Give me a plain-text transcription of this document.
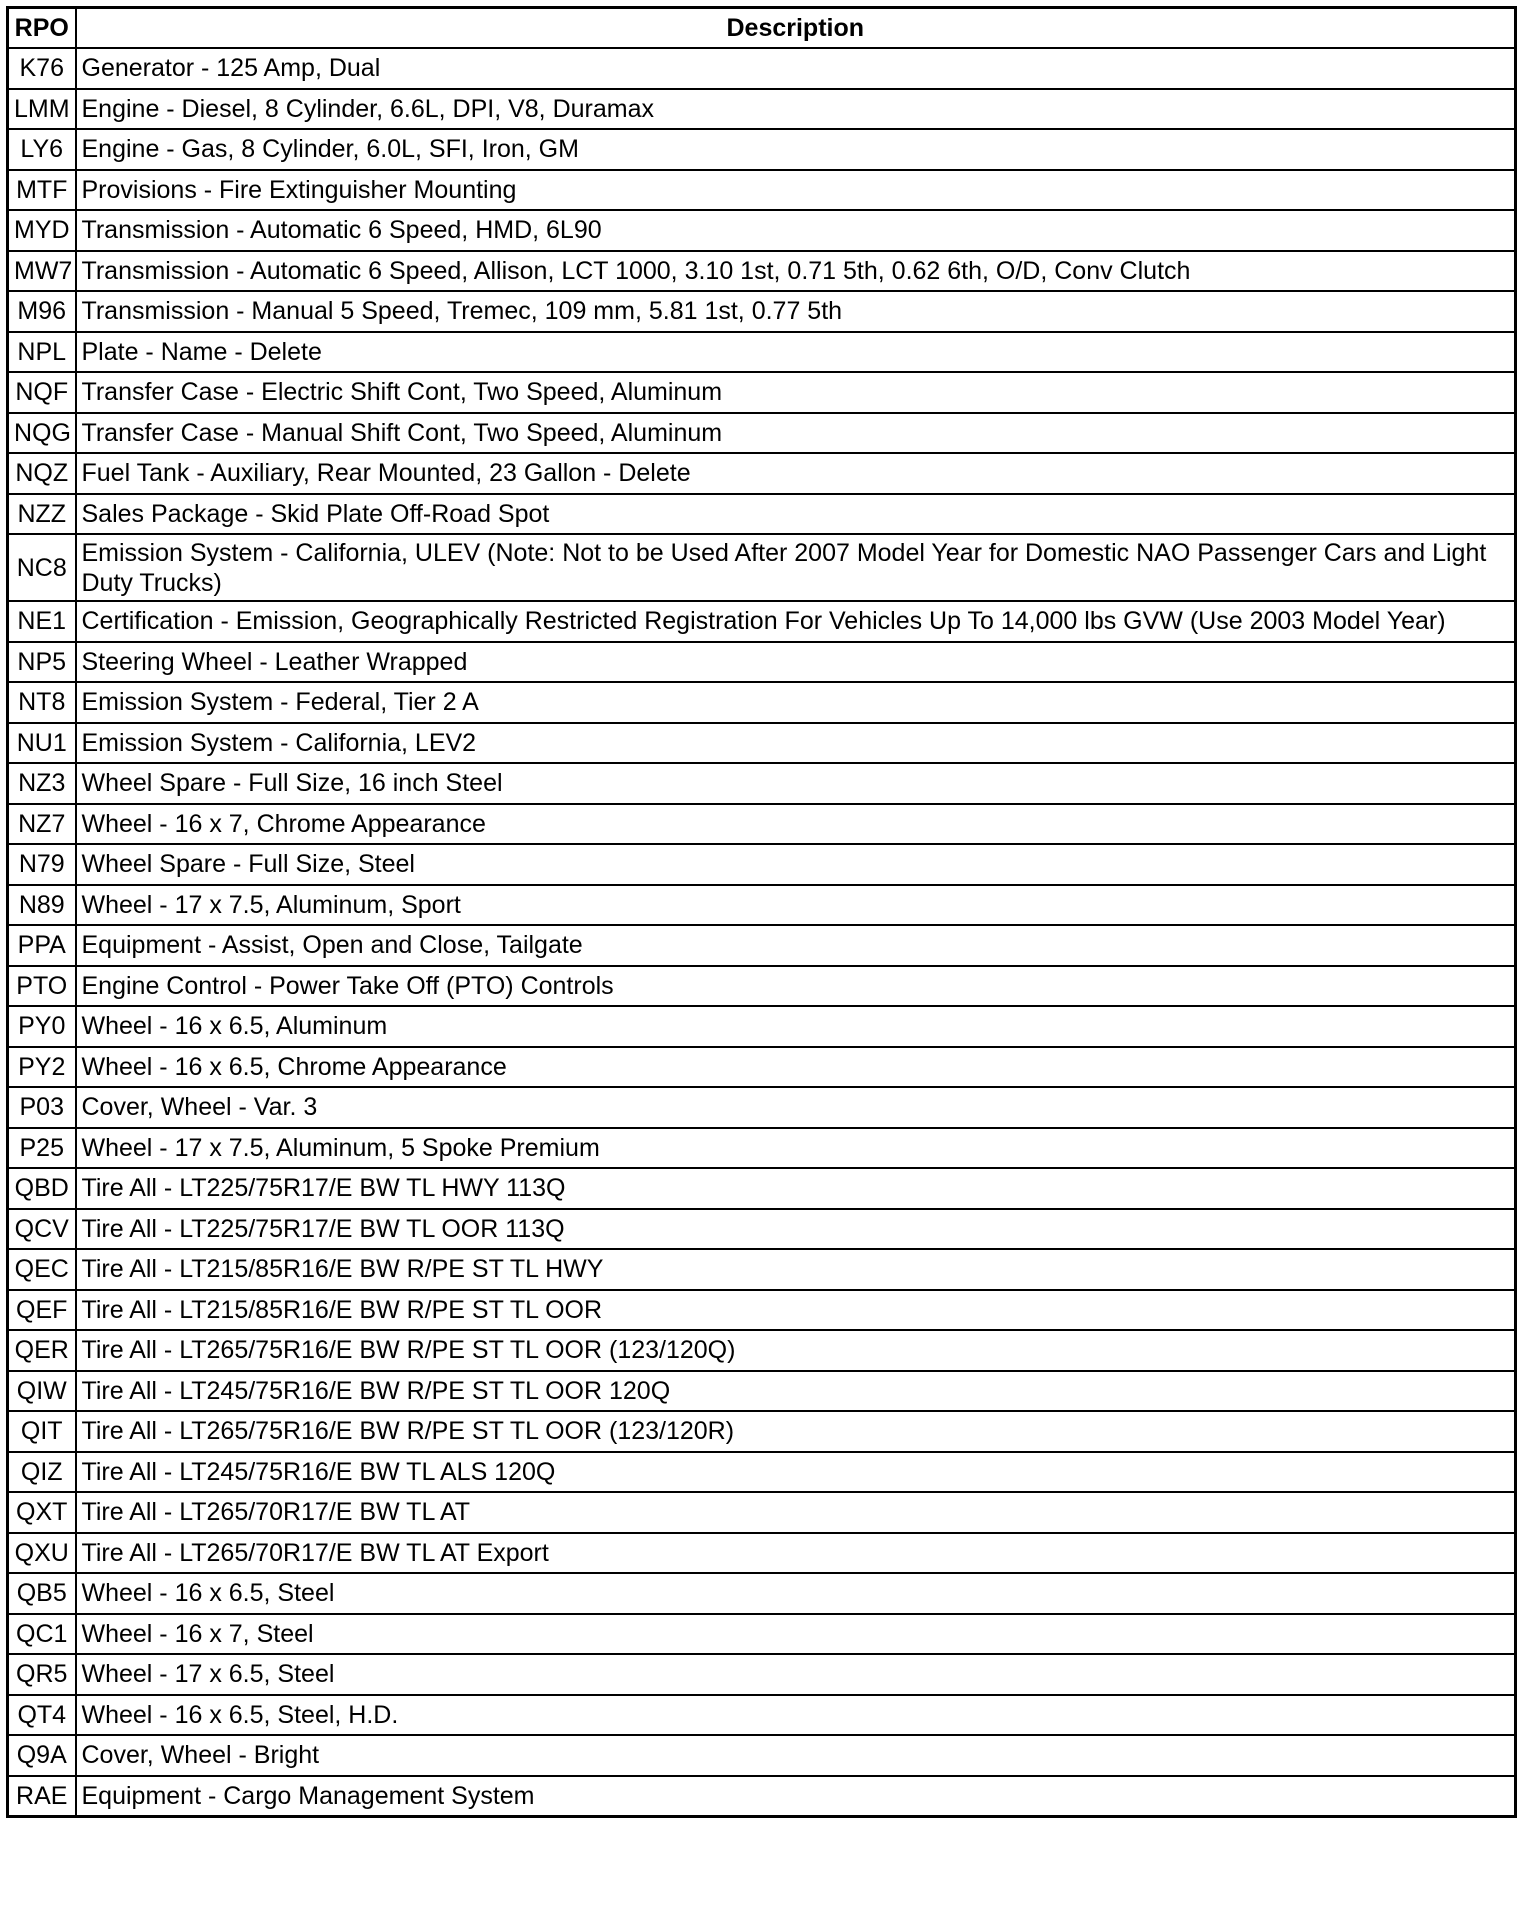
RPO	Description
K76	Generator - 125 Amp, Dual
LMM	Engine - Diesel, 8 Cylinder, 6.6L, DPI, V8, Duramax
LY6	Engine - Gas, 8 Cylinder, 6.0L, SFI, Iron, GM
MTF	Provisions - Fire Extinguisher Mounting
MYD	Transmission - Automatic 6 Speed, HMD, 6L90
MW7	Transmission - Automatic 6 Speed, Allison, LCT 1000, 3.10 1st, 0.71 5th, 0.62 6th, O/D, Conv Clutch
M96	Transmission - Manual 5 Speed, Tremec, 109 mm, 5.81 1st, 0.77 5th
NPL	Plate - Name - Delete
NQF	Transfer Case - Electric Shift Cont, Two Speed, Aluminum
NQG	Transfer Case - Manual Shift Cont, Two Speed, Aluminum
NQZ	Fuel Tank - Auxiliary, Rear Mounted, 23 Gallon - Delete
NZZ	Sales Package - Skid Plate Off-Road Spot
NC8	Emission System - California, ULEV (Note: Not to be Used After 2007 Model Year for Domestic NAO Passenger Cars and Light Duty Trucks)
NE1	Certification - Emission, Geographically Restricted Registration For Vehicles Up To 14,000 lbs GVW (Use 2003 Model Year)
NP5	Steering Wheel - Leather Wrapped
NT8	Emission System - Federal, Tier 2 A
NU1	Emission System - California, LEV2
NZ3	Wheel Spare - Full Size, 16 inch Steel
NZ7	Wheel - 16 x 7, Chrome Appearance
N79	Wheel Spare - Full Size, Steel
N89	Wheel - 17 x 7.5, Aluminum, Sport
PPA	Equipment - Assist, Open and Close, Tailgate
PTO	Engine Control - Power Take Off (PTO) Controls
PY0	Wheel - 16 x 6.5, Aluminum
PY2	Wheel - 16 x 6.5, Chrome Appearance
P03	Cover, Wheel - Var. 3
P25	Wheel - 17 x 7.5, Aluminum, 5 Spoke Premium
QBD	Tire All - LT225/75R17/E BW TL HWY 113Q
QCV	Tire All - LT225/75R17/E BW TL OOR 113Q
QEC	Tire All - LT215/85R16/E BW R/PE ST TL HWY
QEF	Tire All - LT215/85R16/E BW R/PE ST TL OOR
QER	Tire All - LT265/75R16/E BW R/PE ST TL OOR (123/120Q)
QIW	Tire All - LT245/75R16/E BW R/PE ST TL OOR 120Q
QIT	Tire All - LT265/75R16/E BW R/PE ST TL OOR (123/120R)
QIZ	Tire All - LT245/75R16/E BW TL ALS 120Q
QXT	Tire All - LT265/70R17/E BW TL AT
QXU	Tire All - LT265/70R17/E BW TL AT Export
QB5	Wheel - 16 x 6.5, Steel
QC1	Wheel - 16 x 7, Steel
QR5	Wheel - 17 x 6.5, Steel
QT4	Wheel - 16 x 6.5, Steel, H.D.
Q9A	Cover, Wheel - Bright
RAE	Equipment - Cargo Management System
